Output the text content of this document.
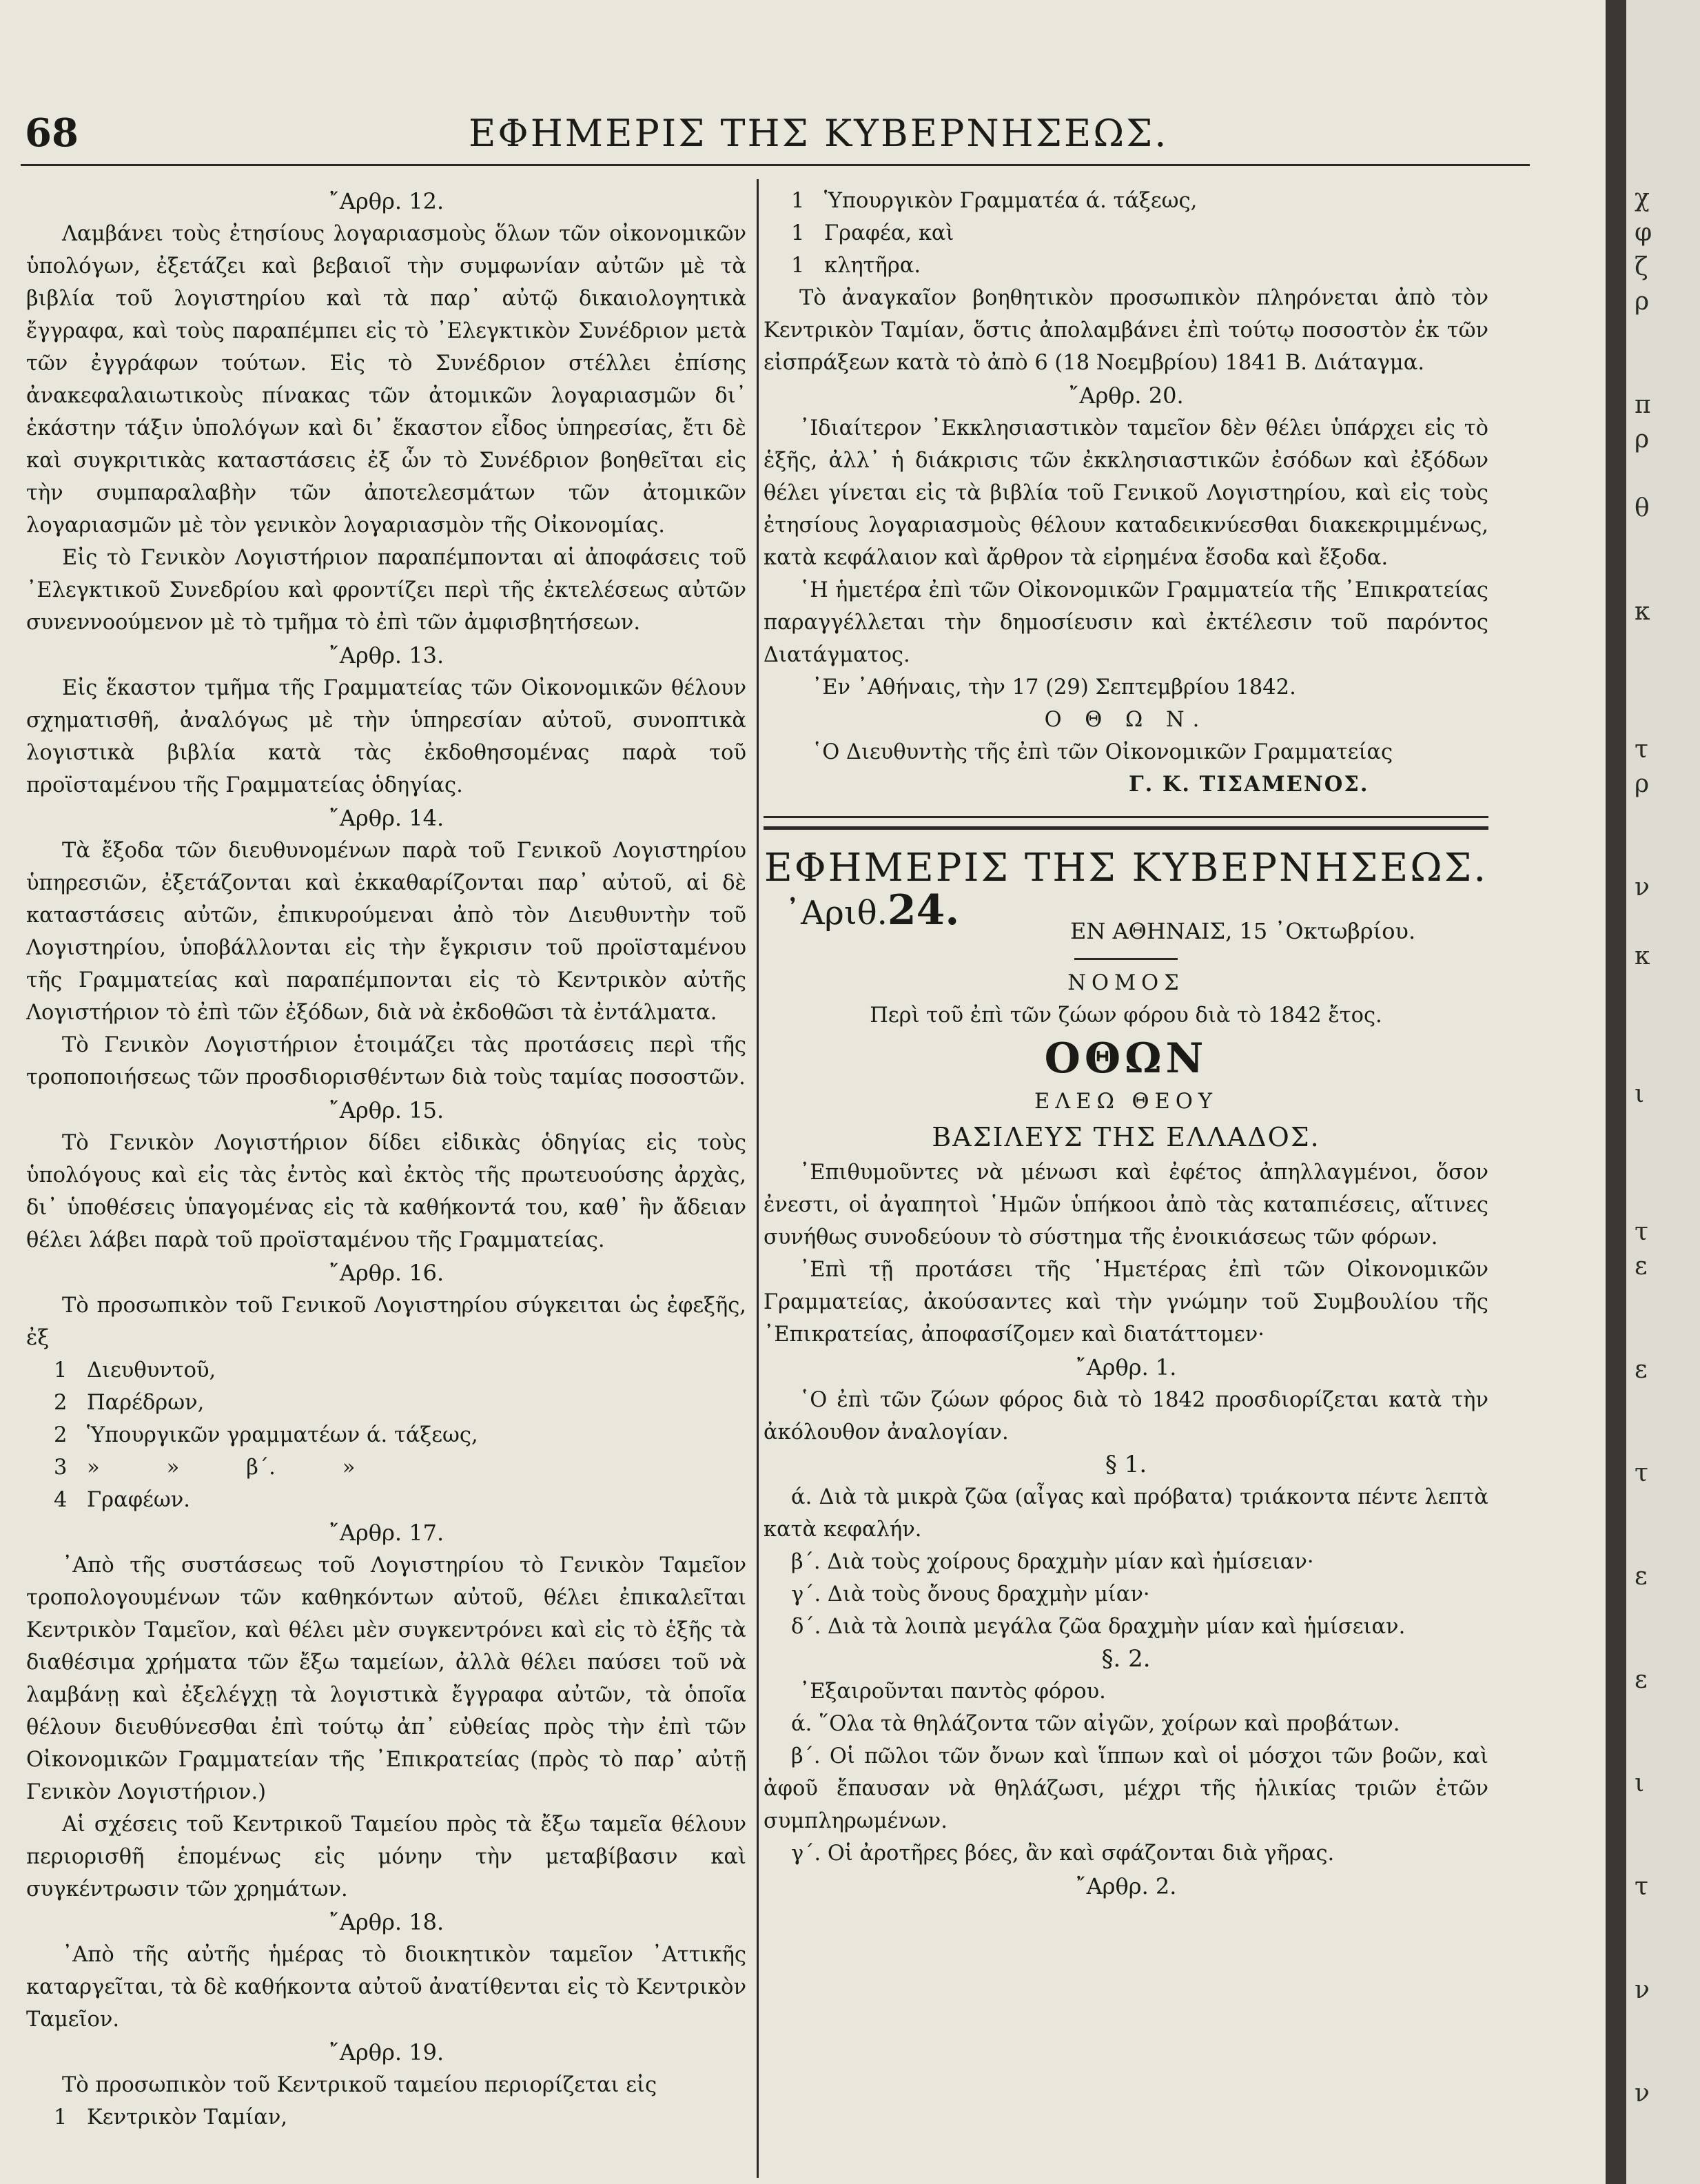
68	ΕΦΗΜΕΡΙΣ ΤΗΣ ΚΥΒΕΡΝΗΣΕΩΣ.
῎Αρθρ. 12.

Λαμβάνει τοὺς ἐτησίους λογαριασμοὺς ὅλων τῶν οἰκονομικῶν ὑπολόγων, ἐξετάζει καὶ βεβαιοῖ τὴν συμφωνίαν αὐτῶν μὲ τὰ βιβλία τοῦ λογιστηρίου καὶ τὰ παρ᾽ αὐτῷ δικαιολογητικὰ ἔγγραφα, καὶ τοὺς παραπέμπει εἰς τὸ ᾽Ελεγκτικὸν Συνέδριον μετὰ τῶν ἐγγράφων τούτων. Εἰς τὸ Συνέδριον στέλλει ἐπίσης ἀνακεφαλαιωτικοὺς πίνακας τῶν ἀτομικῶν λογαριασμῶν δι᾽ ἑκάστην τάξιν ὑπολόγων καὶ δι᾽ ἕκαστον εἶδος ὑπηρεσίας, ἔτι δὲ καὶ συγκριτικὰς καταστάσεις ἐξ ὧν τὸ Συνέδριον βοηθεῖται εἰς τὴν συμπαραλαβὴν τῶν ἀποτελεσμάτων τῶν ἀτομικῶν λογαριασμῶν μὲ τὸν γενικὸν λογαριασμὸν τῆς Οἰκονομίας.

Εἰς τὸ Γενικὸν Λογιστήριον παραπέμπονται αἱ ἀποφάσεις τοῦ ᾽Ελεγκτικοῦ Συνεδρίου καὶ φροντίζει περὶ τῆς ἐκτελέσεως αὐτῶν συνεννοούμενον μὲ τὸ τμῆμα τὸ ἐπὶ τῶν ἀμφισβητήσεων.

῎Αρθρ. 13.

Εἰς ἕκαστον τμῆμα τῆς Γραμματείας τῶν Οἰκονομικῶν θέλουν σχηματισθῆ, ἀναλόγως μὲ τὴν ὑπηρεσίαν αὐτοῦ, συνοπτικὰ λογιστικὰ βιβλία κατὰ τὰς ἐκδοθησομένας παρὰ τοῦ προϊσταμένου τῆς Γραμματείας ὁδηγίας.

῎Αρθρ. 14.

Τὰ ἔξοδα τῶν διευθυνομένων παρὰ τοῦ Γενικοῦ Λογιστηρίου ὑπηρεσιῶν, ἐξετάζονται καὶ ἐκκαθαρίζονται παρ᾽ αὐτοῦ, αἱ δὲ καταστάσεις αὐτῶν, ἐπικυρούμεναι ἀπὸ τὸν Διευθυντὴν τοῦ Λογιστηρίου, ὑποβάλλονται εἰς τὴν ἔγκρισιν τοῦ προϊσταμένου τῆς Γραμματείας καὶ παραπέμπονται εἰς τὸ Κεντρικὸν αὐτῆς Λογιστήριον τὸ ἐπὶ τῶν ἐξόδων, διὰ νὰ ἐκδοθῶσι τὰ ἐντάλματα.

Τὸ Γενικὸν Λογιστήριον ἑτοιμάζει τὰς προτάσεις περὶ τῆς τροποποιήσεως τῶν προσδιορισθέντων διὰ τοὺς ταμίας ποσοστῶν.

῎Αρθρ. 15.

Τὸ Γενικὸν Λογιστήριον δίδει εἰδικὰς ὁδηγίας εἰς τοὺς ὑπολόγους καὶ εἰς τὰς ἐντὸς καὶ ἐκτὸς τῆς πρωτευούσης ἀρχὰς, δι᾽ ὑποθέσεις ὑπαγομένας εἰς τὰ καθήκοντά του, καθ᾽ ἣν ἄδειαν θέλει λάβει παρὰ τοῦ προϊσταμένου τῆς Γραμματείας.

῎Αρθρ. 16.

Τὸ προσωπικὸν τοῦ Γενικοῦ Λογιστηρίου σύγκειται ὡς ἐφεξῆς, ἐξ

1 Διευθυντοῦ,
2 Παρέδρων,
2 Ὑπουργικῶν γραμματέων ά. τάξεως,
3 »          »          β΄.          »
4 Γραφέων.
῎Αρθρ. 17.

᾽Απὸ τῆς συστάσεως τοῦ Λογιστηρίου τὸ Γενικὸν Ταμεῖον τροπολογουμένων τῶν καθηκόντων αὐτοῦ, θέλει ἐπικαλεῖται Κεντρικὸν Ταμεῖον, καὶ θέλει μὲν συγκεντρόνει καὶ εἰς τὸ ἑξῆς τὰ διαθέσιμα χρήματα τῶν ἔξω ταμείων, ἀλλὰ θέλει παύσει τοῦ νὰ λαμβάνῃ καὶ ἐξελέγχῃ τὰ λογιστικὰ ἔγγραφα αὐτῶν, τὰ ὁποῖα θέλουν διευθύνεσθαι ἐπὶ τούτῳ ἀπ᾽ εὐθείας πρὸς τὴν ἐπὶ τῶν Οἰκονομικῶν Γραμματείαν τῆς ᾽Επικρατείας (πρὸς τὸ παρ᾽ αὐτῇ Γενικὸν Λογιστήριον.)

Αἱ σχέσεις τοῦ Κεντρικοῦ Ταμείου πρὸς τὰ ἔξω ταμεῖα θέλουν περιορισθῆ ἑπομένως εἰς μόνην τὴν μεταβίβασιν καὶ συγκέντρωσιν τῶν χρημάτων.

῎Αρθρ. 18.

᾽Απὸ τῆς αὐτῆς ἡμέρας τὸ διοικητικὸν ταμεῖον ᾽Αττικῆς καταργεῖται, τὰ δὲ καθήκοντα αὐτοῦ ἀνατίθενται εἰς τὸ Κεντρικὸν Ταμεῖον.

῎Αρθρ. 19.

Τὸ προσωπικὸν τοῦ Κεντρικοῦ ταμείου περιορίζεται εἰς

1 Κεντρικὸν Ταμίαν,
1 Ὑπουργικὸν Γραμματέα ά. τάξεως,
1 Γραφέα, καὶ
1 κλητῆρα.

Τὸ ἀναγκαῖον βοηθητικὸν προσωπικὸν πληρόνεται ἀπὸ τὸν Κεντρικὸν Ταμίαν, ὅστις ἀπολαμβάνει ἐπὶ τούτῳ ποσοστὸν ἐκ τῶν εἰσπράξεων κατὰ τὸ ἀπὸ 6 (18 Νοεμβρίου) 1841 Β. Διάταγμα.

῎Αρθρ. 20.

᾽Ιδιαίτερον ᾽Εκκλησιαστικὸν ταμεῖον δὲν θέλει ὑπάρχει εἰς τὸ ἑξῆς, ἀλλ᾽ ἡ διάκρισις τῶν ἐκκλησιαστικῶν ἐσόδων καὶ ἐξόδων θέλει γίνεται εἰς τὰ βιβλία τοῦ Γενικοῦ Λογιστηρίου, καὶ εἰς τοὺς ἐτησίους λογαριασμοὺς θέλουν καταδεικνύεσθαι διακεκριμμένως, κατὰ κεφάλαιον καὶ ἄρθρον τὰ εἰρημένα ἔσοδα καὶ ἔξοδα.

῾Η ἡμετέρα ἐπὶ τῶν Οἰκονομικῶν Γραμματεία τῆς ᾽Επικρατείας παραγγέλλεται τὴν δημοσίευσιν καὶ ἐκτέλεσιν τοῦ παρόντος Διατάγματος.

᾽Εν ᾽Αθήναις, τὴν 17 (29) Σεπτεμβρίου 1842.

Ο Θ Ω Ν.
῾Ο Διευθυντὴς τῆς ἐπὶ τῶν Οἰκονομικῶν Γραμματείας
Γ. Κ. ΤΙΣΑΜΕΝΟΣ.
ΕΦΗΜΕΡΙΣ ΤΗΣ ΚΥΒΕΡΝΗΣΕΩΣ.
᾽Αριθ.24.	ΕΝ ΑΘΗΝΑΙΣ, 15 ᾽Οκτωβρίου.
ΝΟΜΟΣ
Περὶ τοῦ ἐπὶ τῶν ζώων φόρου διὰ τὸ 1842 ἔτος.
ΟΘΩΝ
ΕΛΕΩ ΘΕΟΥ
ΒΑΣΙΛΕΥΣ ΤΗΣ ΕΛΛΑΔΟΣ.

᾽Επιθυμοῦντες νὰ μένωσι καὶ ἐφέτος ἀπηλλαγμένοι, ὅσον ἐνεστι, οἱ ἀγαπητοὶ ῾Ημῶν ὑπήκοοι ἀπὸ τὰς καταπιέσεις, αἵτινες συνήθως συνοδεύουν τὸ σύστημα τῆς ἐνοικιάσεως τῶν φόρων.

᾽Επὶ τῇ προτάσει τῆς ῾Ημετέρας ἐπὶ τῶν Οἰκονομικῶν Γραμματείας, ἀκούσαντες καὶ τὴν γνώμην τοῦ Συμβουλίου τῆς ᾽Επικρατείας, ἀποφασίζομεν καὶ διατάττομεν·

῎Αρθρ. 1.

῾Ο ἐπὶ τῶν ζώων φόρος διὰ τὸ 1842 προσδιορίζεται κατὰ τὴν ἀκόλουθον ἀναλογίαν.

§ 1.

ά. Διὰ τὰ μικρὰ ζῶα (αἶγας καὶ πρόβατα) τριάκοντα πέντε λεπτὰ κατὰ κεφαλήν.

β΄. Διὰ τοὺς χοίρους δραχμὴν μίαν καὶ ἡμίσειαν·

γ΄. Διὰ τοὺς ὄνους δραχμὴν μίαν·

δ΄. Διὰ τὰ λοιπὰ μεγάλα ζῶα δραχμὴν μίαν καὶ ἡμίσειαν.

§. 2.

᾽Εξαιροῦνται παντὸς φόρου.

ά. ῞Ολα τὰ θηλάζοντα τῶν αἰγῶν, χοίρων καὶ προβάτων.

β΄. Οἱ πῶλοι τῶν ὄνων καὶ ἵππων καὶ οἱ μόσχοι τῶν βοῶν, καὶ ἀφοῦ ἔπαυσαν νὰ θηλάζωσι, μέχρι τῆς ἡλικίας τριῶν ἐτῶν συμπληρωμένων.

γ΄. Οἱ ἀροτῆρες βόες, ἂν καὶ σφάζονται διὰ γῆρας.

῎Αρθρ. 2.
χ
φ
ζ
ρ
π
ρ
θ
κ
τ
ρ
ν
κ
ι
τ
ε
ε
τ
ε
ε
ι
τ
ν
ν
